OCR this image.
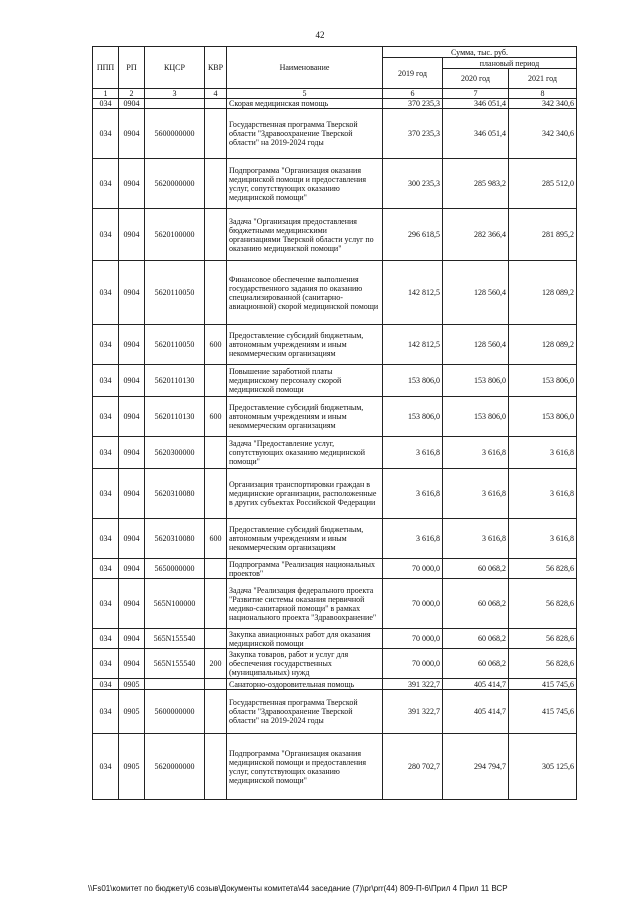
42
ППП	РП	КЦСР	КВР	Наименование	Сумма, тыс. руб.		
					2019 год	плановый период	
						2020 год	2021 год
1	2	3	4	5	6	7	8
034	0904			Скорая медицинская помощь	370 235,3	346 051,4	342 340,6
034	0904	5600000000		Государственная программа Тверской области "Здравоохранение Тверской области" на 2019-2024 годы	370 235,3	346 051,4	342 340,6
034	0904	5620000000		Подпрограмма "Организация оказания медицинской помощи и предоставления услуг, сопутствующих оказанию медицинской помощи"	300 235,3	285 983,2	285 512,0
034	0904	5620100000		Задача "Организация предоставления бюджетными медицинскими организациями Тверской области услуг по оказанию медицинской помощи"	296 618,5	282 366,4	281 895,2
034	0904	5620110050		Финансовое обеспечение выполнения государственного задания по оказанию специализированной (санитарно-авиационной) скорой медицинской помощи	142 812,5	128 560,4	128 089,2
034	0904	5620110050	600	Предоставление субсидий бюджетным, автономным учреждениям и иным некоммерческим организациям	142 812,5	128 560,4	128 089,2
034	0904	5620110130		Повышение заработной платы медицинскому персоналу скорой медицинской помощи	153 806,0	153 806,0	153 806,0
034	0904	5620110130	600	Предоставление субсидий бюджетным, автономным учреждениям и иным некоммерческим организациям	153 806,0	153 806,0	153 806,0
034	0904	5620300000		Задача "Предоставление услуг, сопутствующих оказанию медицинской помощи"	3 616,8	3 616,8	3 616,8
034	0904	5620310080		Организация транспортировки граждан в медицинские организации, расположенные в других субъектах Российской Федерации	3 616,8	3 616,8	3 616,8
034	0904	5620310080	600	Предоставление субсидий бюджетным, автономным учреждениям и иным некоммерческим организациям	3 616,8	3 616,8	3 616,8
034	0904	5650000000		Подпрограмма "Реализация национальных проектов"	70 000,0	60 068,2	56 828,6
034	0904	565N100000		Задача "Реализация федерального проекта "Развитие системы оказания первичной медико-санитарной помощи" в рамках национального проекта "Здравоохранение"	70 000,0	60 068,2	56 828,6
034	0904	565N155540		Закупка авиационных работ для оказания медицинской помощи	70 000,0	60 068,2	56 828,6
034	0904	565N155540	200	Закупка товаров, работ и услуг для обеспечения государственных (муниципальных) нужд	70 000,0	60 068,2	56 828,6
034	0905			Санаторно-оздоровительная помощь	391 322,7	405 414,7	415 745,6
034	0905	5600000000		Государственная программа Тверской области "Здравоохранение Тверской области" на 2019-2024 годы	391 322,7	405 414,7	415 745,6
034	0905	5620000000		Подпрограмма "Организация оказания медицинской помощи и предоставления услуг, сопутствующих оказанию медицинской помощи"	280 702,7	294 794,7	305 125,6
\\Fs01\комитет по бюджету\6 созыв\Документы комитета\44 заседание (7)\pr\prr(44) 809-П-6\Прил 4 Прил 11 ВСР
